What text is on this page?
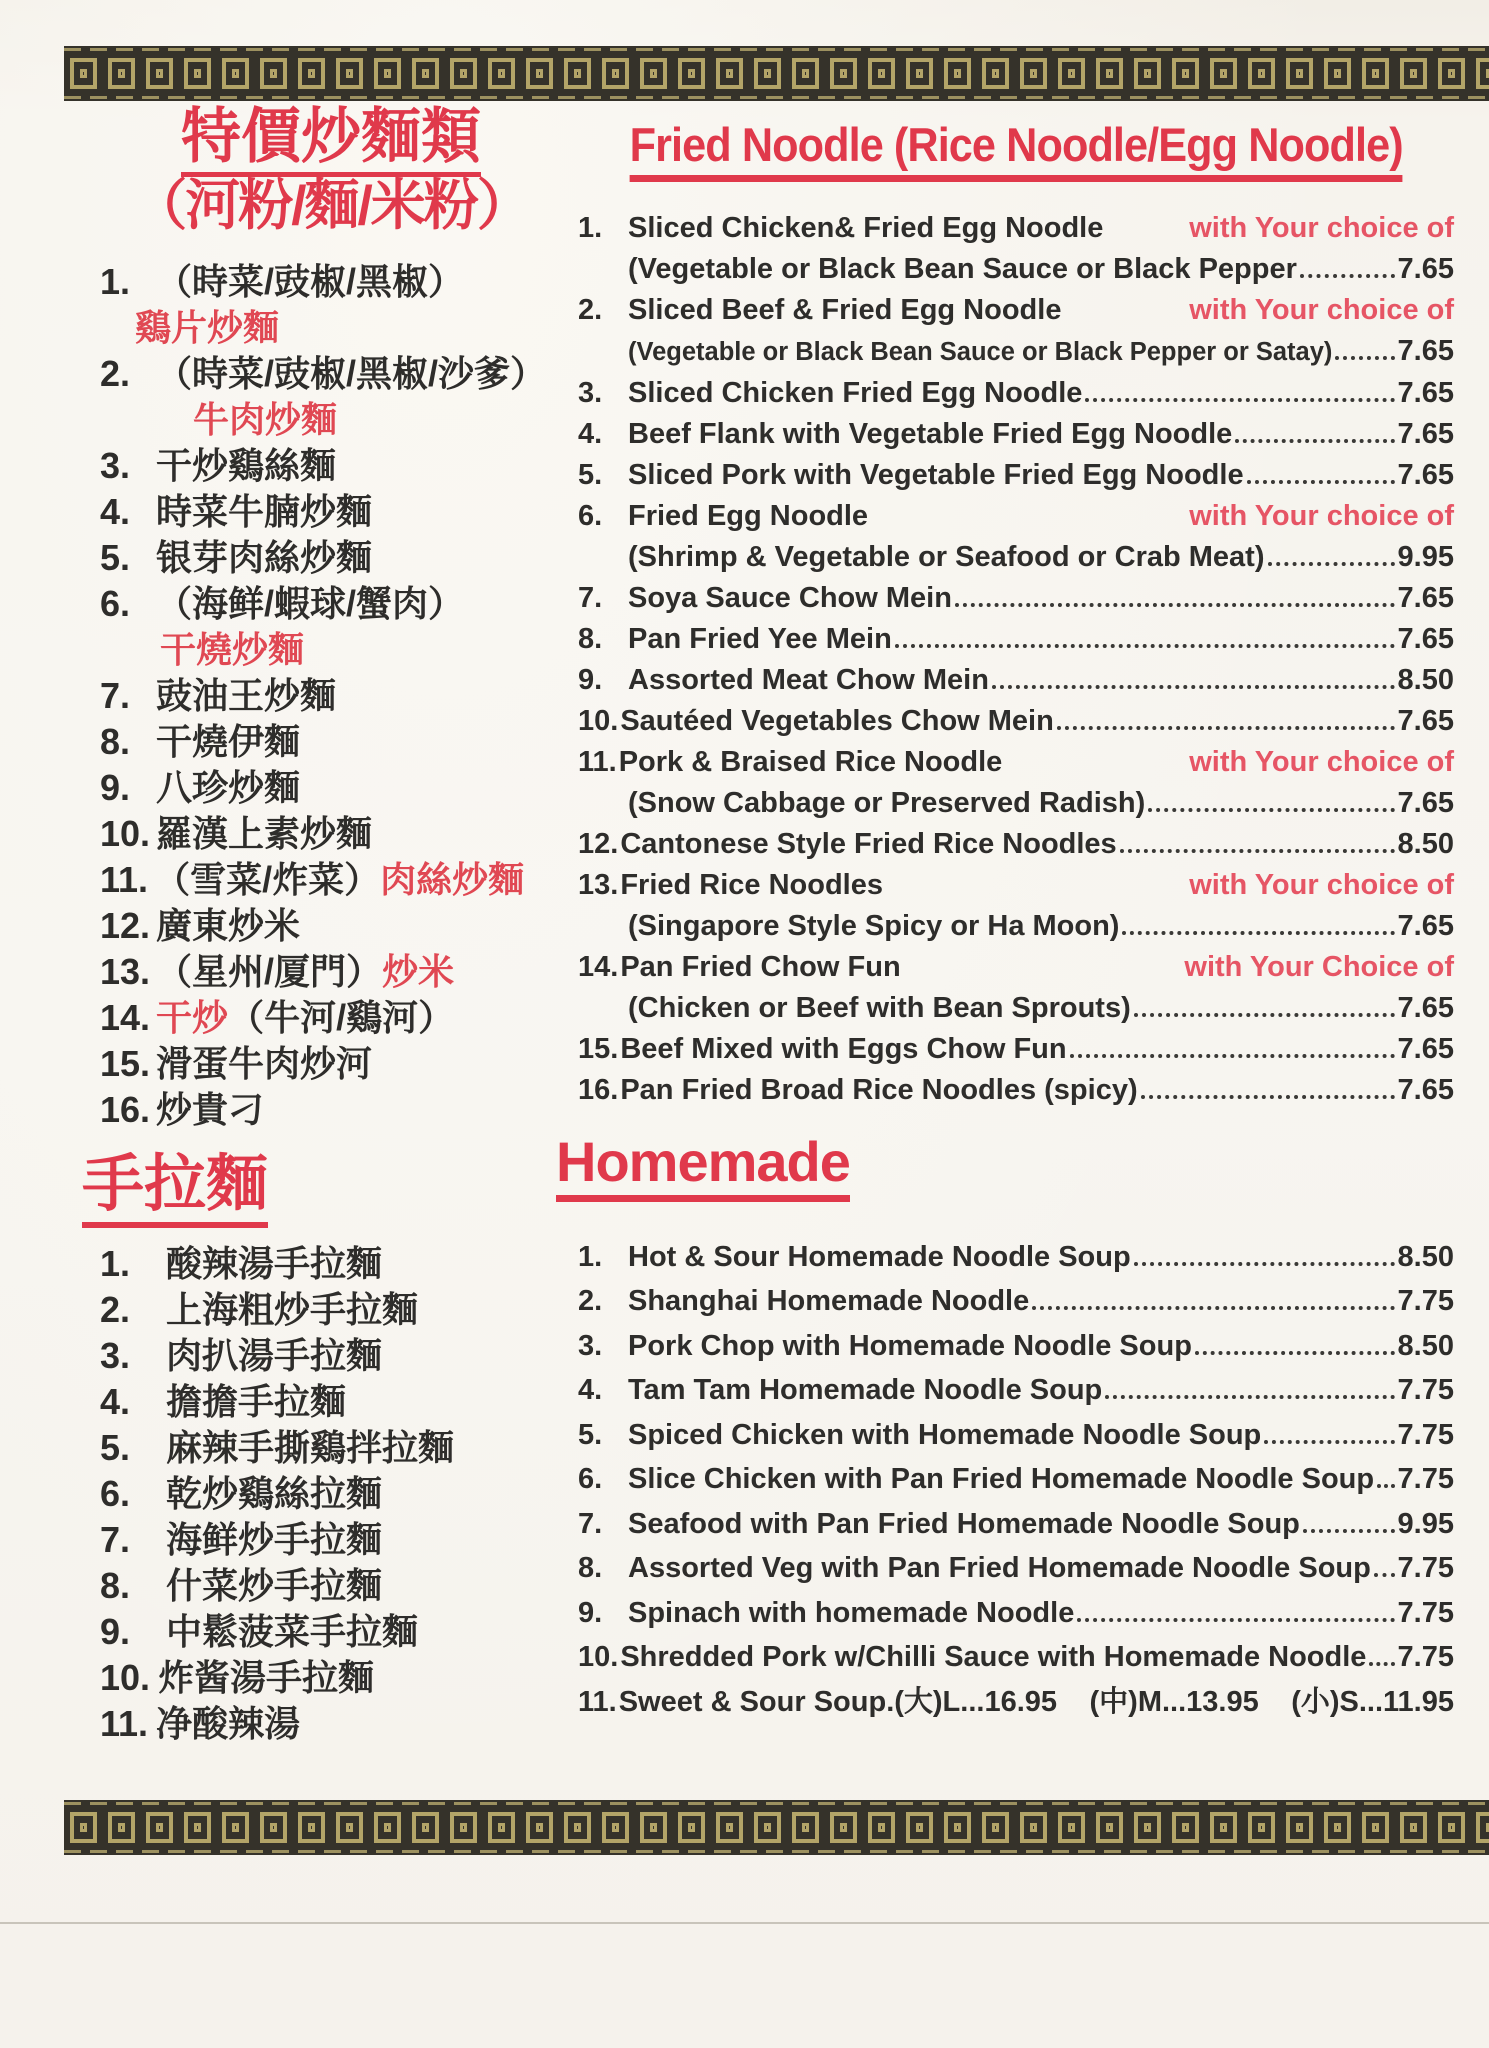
特價炒麵類
（河粉/麵/米粉）
1. （時菜/豉椒/黑椒）
鷄片炒麵
2. （時菜/豉椒/黑椒/沙爹）
牛肉炒麵
3. 干炒鷄絲麵
4. 時菜牛腩炒麵
5. 银芽肉絲炒麵
6. （海鲜/蝦球/蟹肉）
干燒炒麵
7. 豉油王炒麵
8. 干燒伊麵
9. 八珍炒麵
10. 羅漢上素炒麵
11. （雪菜/炸菜） 肉絲炒麵
12. 廣東炒米
13. （星州/厦門） 炒米
14. 干炒 （牛河/鷄河）
15. 滑蛋牛肉炒河
16. 炒貴刁
手拉麵
1. 酸辣湯手拉麵
2. 上海粗炒手拉麵
3. 肉扒湯手拉麵
4. 擔擔手拉麵
5. 麻辣手撕鷄拌拉麵
6. 乾炒鷄絲拉麵
7. 海鲜炒手拉麵
8. 什菜炒手拉麵
9. 中鬆菠菜手拉麵
10. 炸酱湯手拉麵
11. 净酸辣湯
Fried Noodle (Rice Noodle/Egg Noodle)
1. Sliced Chicken& Fried Egg Noodle	with Your choice of
(Vegetable or Black Bean Sauce or Black Pepper	7.65
2. Sliced Beef & Fried Egg Noodle	with Your choice of
(Vegetable or Black Bean Sauce or Black Pepper or Satay) 7.65
3. Sliced Chicken Fried Egg Noodle	7.65
4. Beef Flank with Vegetable Fried Egg Noodle	7.65
5. Sliced Pork with Vegetable Fried Egg Noodle	7.65
6. Fried Egg Noodle	with Your choice of
(Shrimp & Vegetable or Seafood or Crab Meat)	9.95
7. Soya Sauce Chow Mein	7.65
8. Pan Fried Yee Mein	7.65
9. Assorted Meat Chow Mein	8.50
10. Sautéed Vegetables Chow Mein	7.65
11. Pork & Braised Rice Noodle	with Your choice of
(Snow Cabbage or Preserved Radish)	7.65
12. Cantonese Style Fried Rice Noodles	8.50
13. Fried Rice Noodles	with Your choice of
(Singapore Style Spicy or Ha Moon)	7.65
14. Pan Fried Chow Fun	with Your Choice of
(Chicken or Beef with Bean Sprouts)	7.65
15. Beef Mixed with Eggs Chow Fun	7.65
16. Pan Fried Broad Rice Noodles (spicy)	7.65
Homemade
1. Hot & Sour Homemade Noodle Soup	8.50
2. Shanghai Homemade Noodle	7.75
3. Pork Chop with Homemade Noodle Soup	8.50
4. Tam Tam Homemade Noodle Soup	7.75
5. Spiced Chicken with Homemade Noodle Soup	7.75
6. Slice Chicken with Pan Fried Homemade Noodle Soup 7.75
7. Seafood with Pan Fried Homemade Noodle Soup	9.95
8. Assorted Veg with Pan Fried Homemade Noodle Soup 7.75
9. Spinach with homemade Noodle	7.75
10. Shredded Pork w/Chilli Sauce with Homemade Noodle 7.75
11. Sweet & Sour Soup.(大)L...16.95 (中)M...13.95 (小)S...11.95
